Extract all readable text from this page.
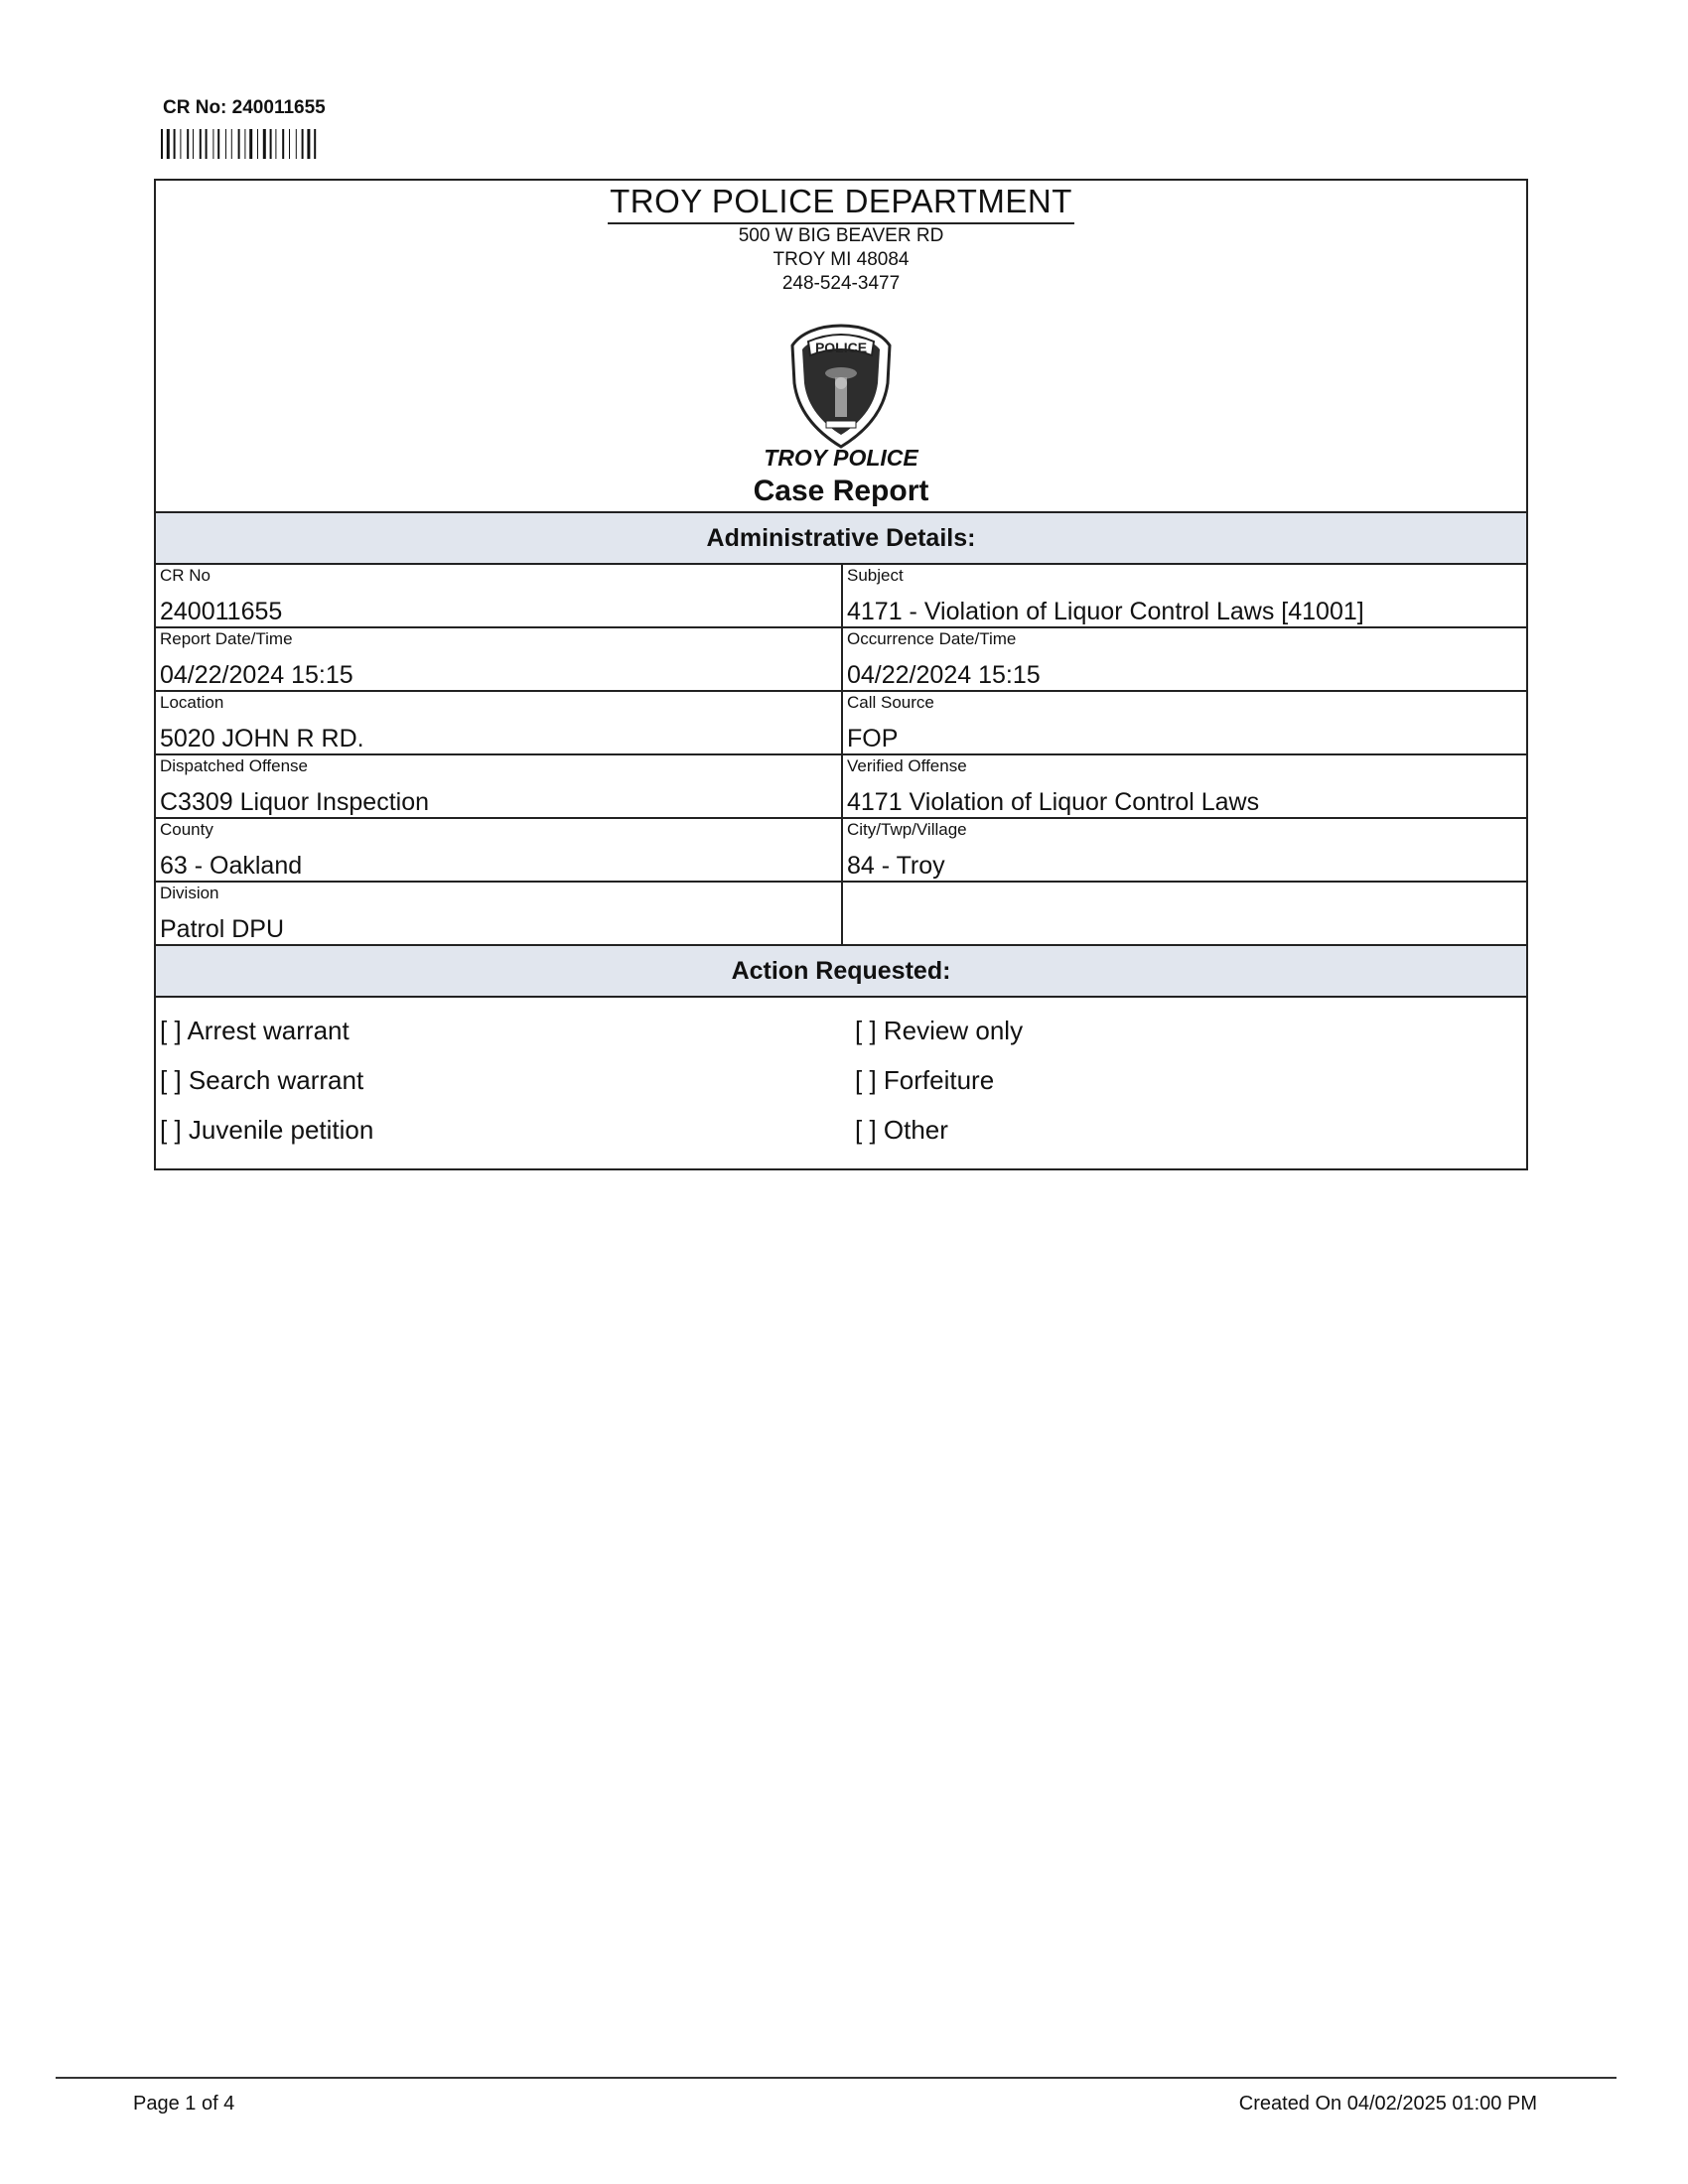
CR No: 240011655
TROY POLICE DEPARTMENT
500 W BIG BEAVER RD
TROY MI 48084
248-524-3477
POLICE
TROY POLICE
Case Report
Administrative Details:
CR No
240011655
Subject
4171 - Violation of Liquor Control Laws [41001]
Report Date/Time
04/22/2024 15:15
Occurrence Date/Time
04/22/2024 15:15
Location
5020 JOHN R RD.
Call Source
FOP
Dispatched Offense
C3309 Liquor Inspection
Verified Offense
4171 Violation of Liquor Control Laws
County
63 - Oakland
City/Twp/Village
84 - Troy
Division
Patrol DPU
Action Requested:
[ ] Arrest warrant
[ ] Search warrant
[ ] Juvenile petition
[ ] Review only
[ ] Forfeiture
[ ] Other
Page 1 of 4	Created On 04/02/2025 01:00 PM
